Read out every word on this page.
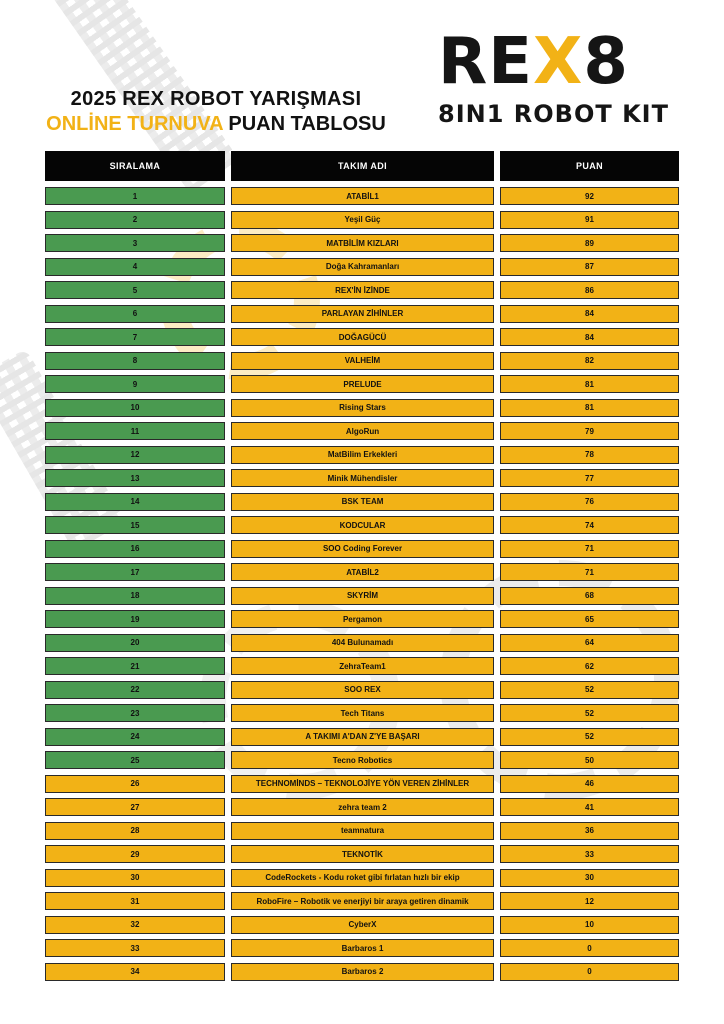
2025 REX ROBOT YARIŞMASI
ONLİNE TURNUVA PUAN TABLOSU
REX8
8IN1 ROBOT KIT
SIRALAMA	TAKIM ADI	PUAN
1	ATABİL1	92
2	Yeşil Güç	91
3	MATBİLİM KIZLARI	89
4	Doğa Kahramanları	87
5	REX'İN İZİNDE	86
6	PARLAYAN ZİHİNLER	84
7	DOĞAGÜCÜ	84
8	VALHEİM	82
9	PRELUDE	81
10	Rising Stars	81
11	AlgoRun	79
12	MatBilim Erkekleri	78
13	Minik Mühendisler	77
14	BSK TEAM	76
15	KODCULAR	74
16	SOO Coding Forever	71
17	ATABİL2	71
18	SKYRİM	68
19	Pergamon	65
20	404 Bulunamadı	64
21	ZehraTeam1	62
22	SOO REX	52
23	Tech Titans	52
24	A TAKIMI A'DAN Z'YE BAŞARI	52
25	Tecno Robotics	50
26	TECHNOMİNDS – TEKNOLOJİYE YÖN VEREN ZİHİNLER	46
27	zehra team 2	41
28	teamnatura	36
29	TEKNOTİK	33
30	CodeRockets - Kodu roket gibi fırlatan hızlı bir ekip	30
31	RoboFire – Robotik ve enerjiyi bir araya getiren dinamik	12
32	CyberX	10
33	Barbaros 1	0
34	Barbaros 2	0
